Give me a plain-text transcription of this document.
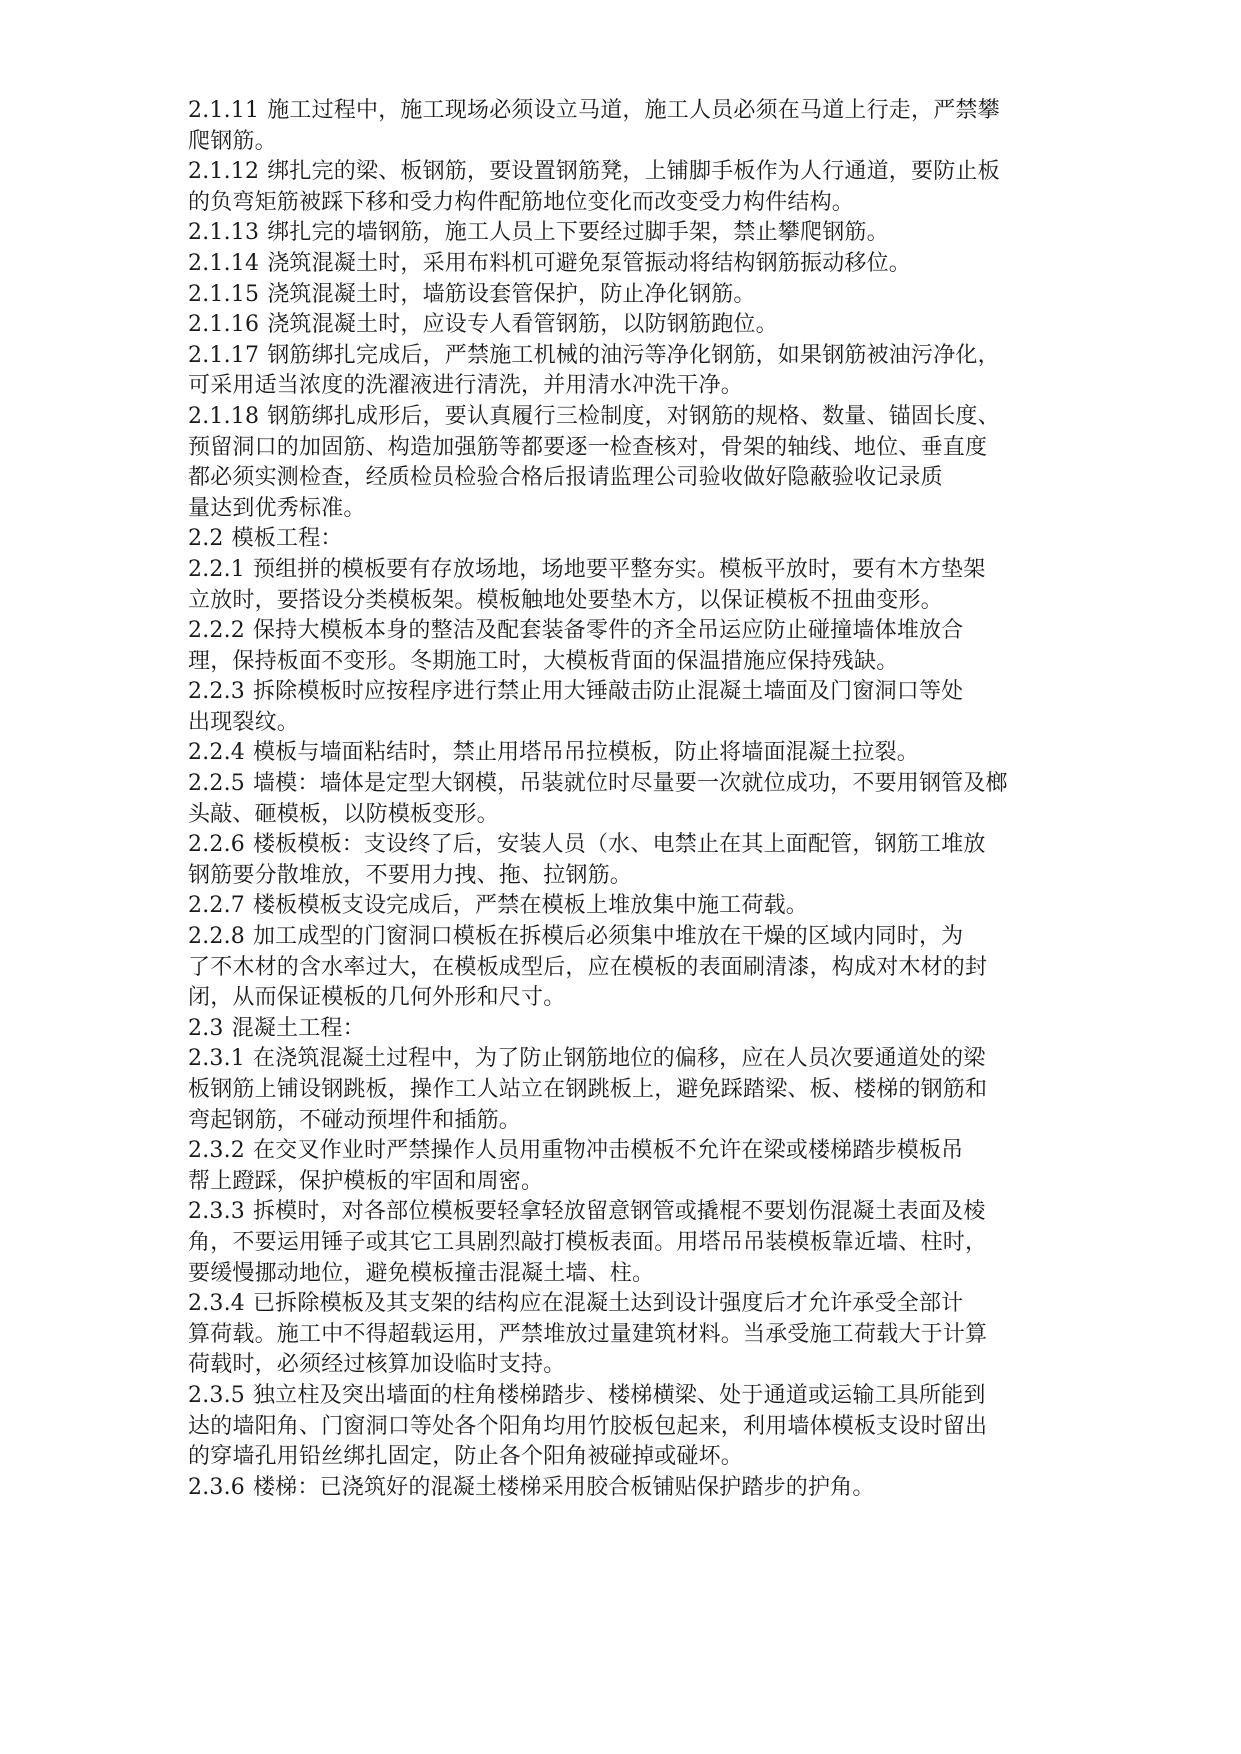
2.1.11 施工过程中，施工现场必须设立马道，施工人员必须在马道上行走，严禁攀
爬钢筋。
2.1.12 绑扎完的梁、板钢筋，要设置钢筋凳，上铺脚手板作为人行通道，要防止板
的负弯矩筋被踩下移和受力构件配筋地位变化而改变受力构件结构。
2.1.13 绑扎完的墙钢筋，施工人员上下要经过脚手架，禁止攀爬钢筋。
2.1.14 浇筑混凝土时，采用布料机可避免泵管振动将结构钢筋振动移位。
2.1.15 浇筑混凝土时，墙筋设套管保护，防止净化钢筋。
2.1.16 浇筑混凝土时，应设专人看管钢筋，以防钢筋跑位。
2.1.17 钢筋绑扎完成后，严禁施工机械的油污等净化钢筋，如果钢筋被油污净化，
可采用适当浓度的洗濯液进行清洗，并用清水冲洗干净。
2.1.18 钢筋绑扎成形后，要认真履行三检制度，对钢筋的规格、数量、锚固长度、
预留洞口的加固筋、构造加强筋等都要逐一检查核对，骨架的轴线、地位、垂直度
都必须实测检查，经质检员检验合格后报请监理公司验收做好隐蔽验收记录质
量达到优秀标准。
2.2 模板工程：
2.2.1 预组拼的模板要有存放场地，场地要平整夯实。模板平放时，要有木方垫架
立放时，要搭设分类模板架。模板触地处要垫木方，以保证模板不扭曲变形。
2.2.2 保持大模板本身的整洁及配套装备零件的齐全吊运应防止碰撞墙体堆放合
理，保持板面不变形。冬期施工时，大模板背面的保温措施应保持残缺。
2.2.3 拆除模板时应按程序进行禁止用大锤敲击防止混凝土墙面及门窗洞口等处
出现裂纹。
2.2.4 模板与墙面粘结时，禁止用塔吊吊拉模板，防止将墙面混凝土拉裂。
2.2.5 墙模：墙体是定型大钢模，吊装就位时尽量要一次就位成功，不要用钢管及榔
头敲、砸模板，以防模板变形。
2.2.6 楼板模板：支设终了后，安装人员（水、电禁止在其上面配管，钢筋工堆放
钢筋要分散堆放，不要用力拽、拖、拉钢筋。
2.2.7 楼板模板支设完成后，严禁在模板上堆放集中施工荷载。
2.2.8 加工成型的门窗洞口模板在拆模后必须集中堆放在干燥的区域内同时，为
了不木材的含水率过大，在模板成型后，应在模板的表面刷清漆，构成对木材的封
闭，从而保证模板的几何外形和尺寸。
2.3 混凝土工程：
2.3.1 在浇筑混凝土过程中，为了防止钢筋地位的偏移，应在人员次要通道处的梁
板钢筋上铺设钢跳板，操作工人站立在钢跳板上，避免踩踏梁、板、楼梯的钢筋和
弯起钢筋，不碰动预埋件和插筋。
2.3.2 在交叉作业时严禁操作人员用重物冲击模板不允许在梁或楼梯踏步模板吊
帮上蹬踩，保护模板的牢固和周密。
2.3.3 拆模时，对各部位模板要轻拿轻放留意钢管或撬棍不要划伤混凝土表面及棱
角，不要运用锤子或其它工具剧烈敲打模板表面。用塔吊吊装模板靠近墙、柱时，
要缓慢挪动地位，避免模板撞击混凝土墙、柱。
2.3.4 已拆除模板及其支架的结构应在混凝土达到设计强度后才允许承受全部计
算荷载。施工中不得超载运用，严禁堆放过量建筑材料。当承受施工荷载大于计算
荷载时，必须经过核算加设临时支持。
2.3.5 独立柱及突出墙面的柱角楼梯踏步、楼梯横梁、处于通道或运输工具所能到
达的墙阳角、门窗洞口等处各个阳角均用竹胶板包起来，利用墙体模板支设时留出
的穿墙孔用铅丝绑扎固定，防止各个阳角被碰掉或碰坏。
2.3.6 楼梯：已浇筑好的混凝土楼梯采用胶合板铺贴保护踏步的护角。
